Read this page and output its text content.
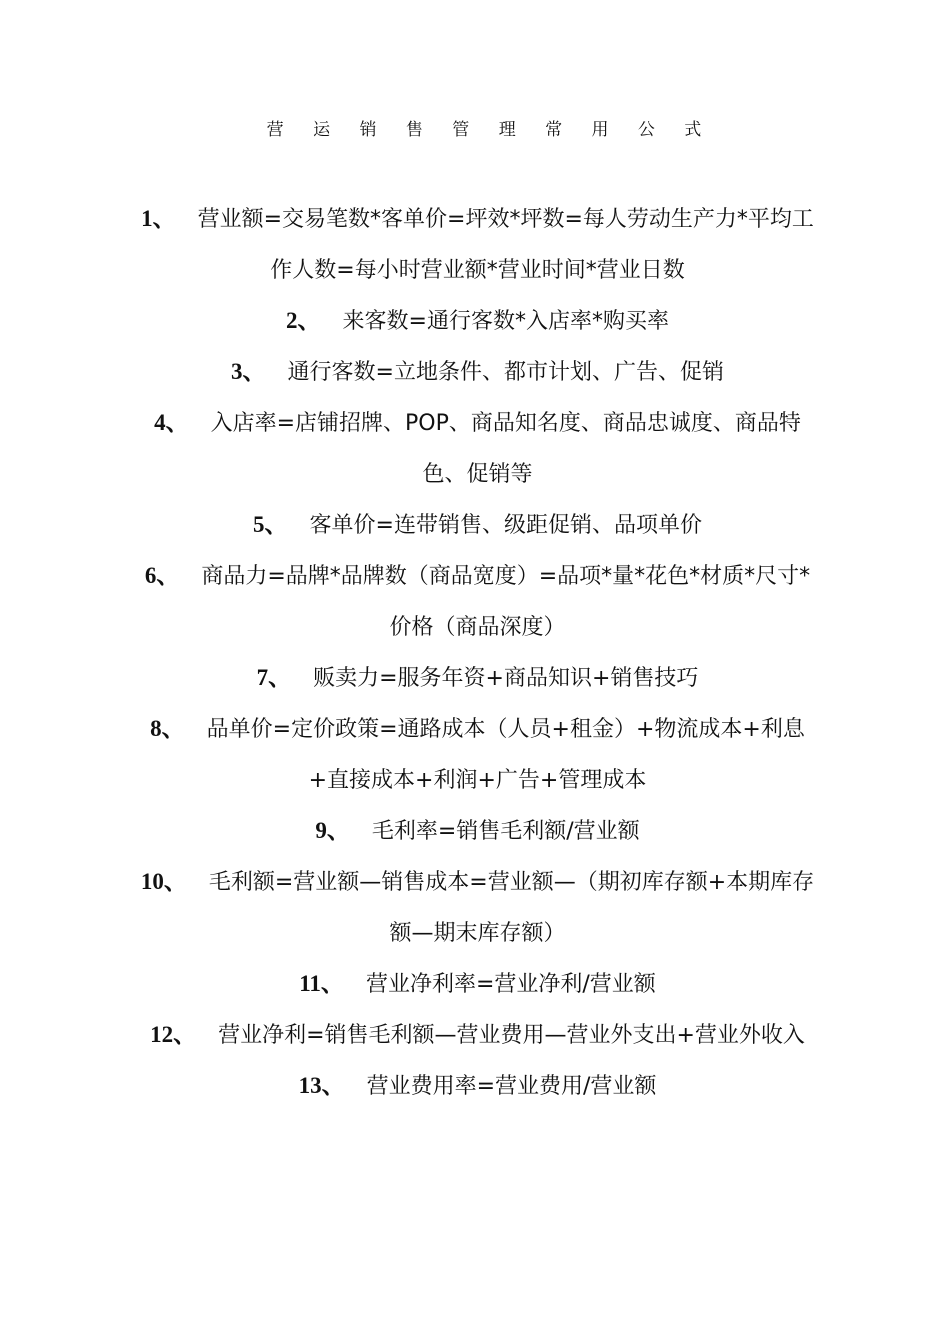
营 运 销 售 管 理 常 用 公 式
1、 营业额=交易笔数*客单价=坪效*坪数=每人劳动生产力*平均工作人数=每小时营业额*营业时间*营业日数
2、 来客数=通行客数*入店率*购买率
3、 通行客数=立地条件、都市计划、广告、促销
4、 入店率=店铺招牌、POP、商品知名度、商品忠诚度、商品特色、促销等
5、 客单价=连带销售、级距促销、品项单价
6、 商品力=品牌*品牌数（商品宽度）=品项*量*花色*材质*尺寸*价格（商品深度）
7、 贩卖力=服务年资+商品知识+销售技巧
8、 品单价=定价政策=通路成本（人员+租金）+物流成本+利息+直接成本+利润+广告+管理成本
9、 毛利率=销售毛利额/营业额
10、 毛利额=营业额—销售成本=营业额—（期初库存额+本期库存额—期末库存额）
11、 营业净利率=营业净利/营业额
12、 营业净利=销售毛利额—营业费用—营业外支出+营业外收入
13、 营业费用率=营业费用/营业额
